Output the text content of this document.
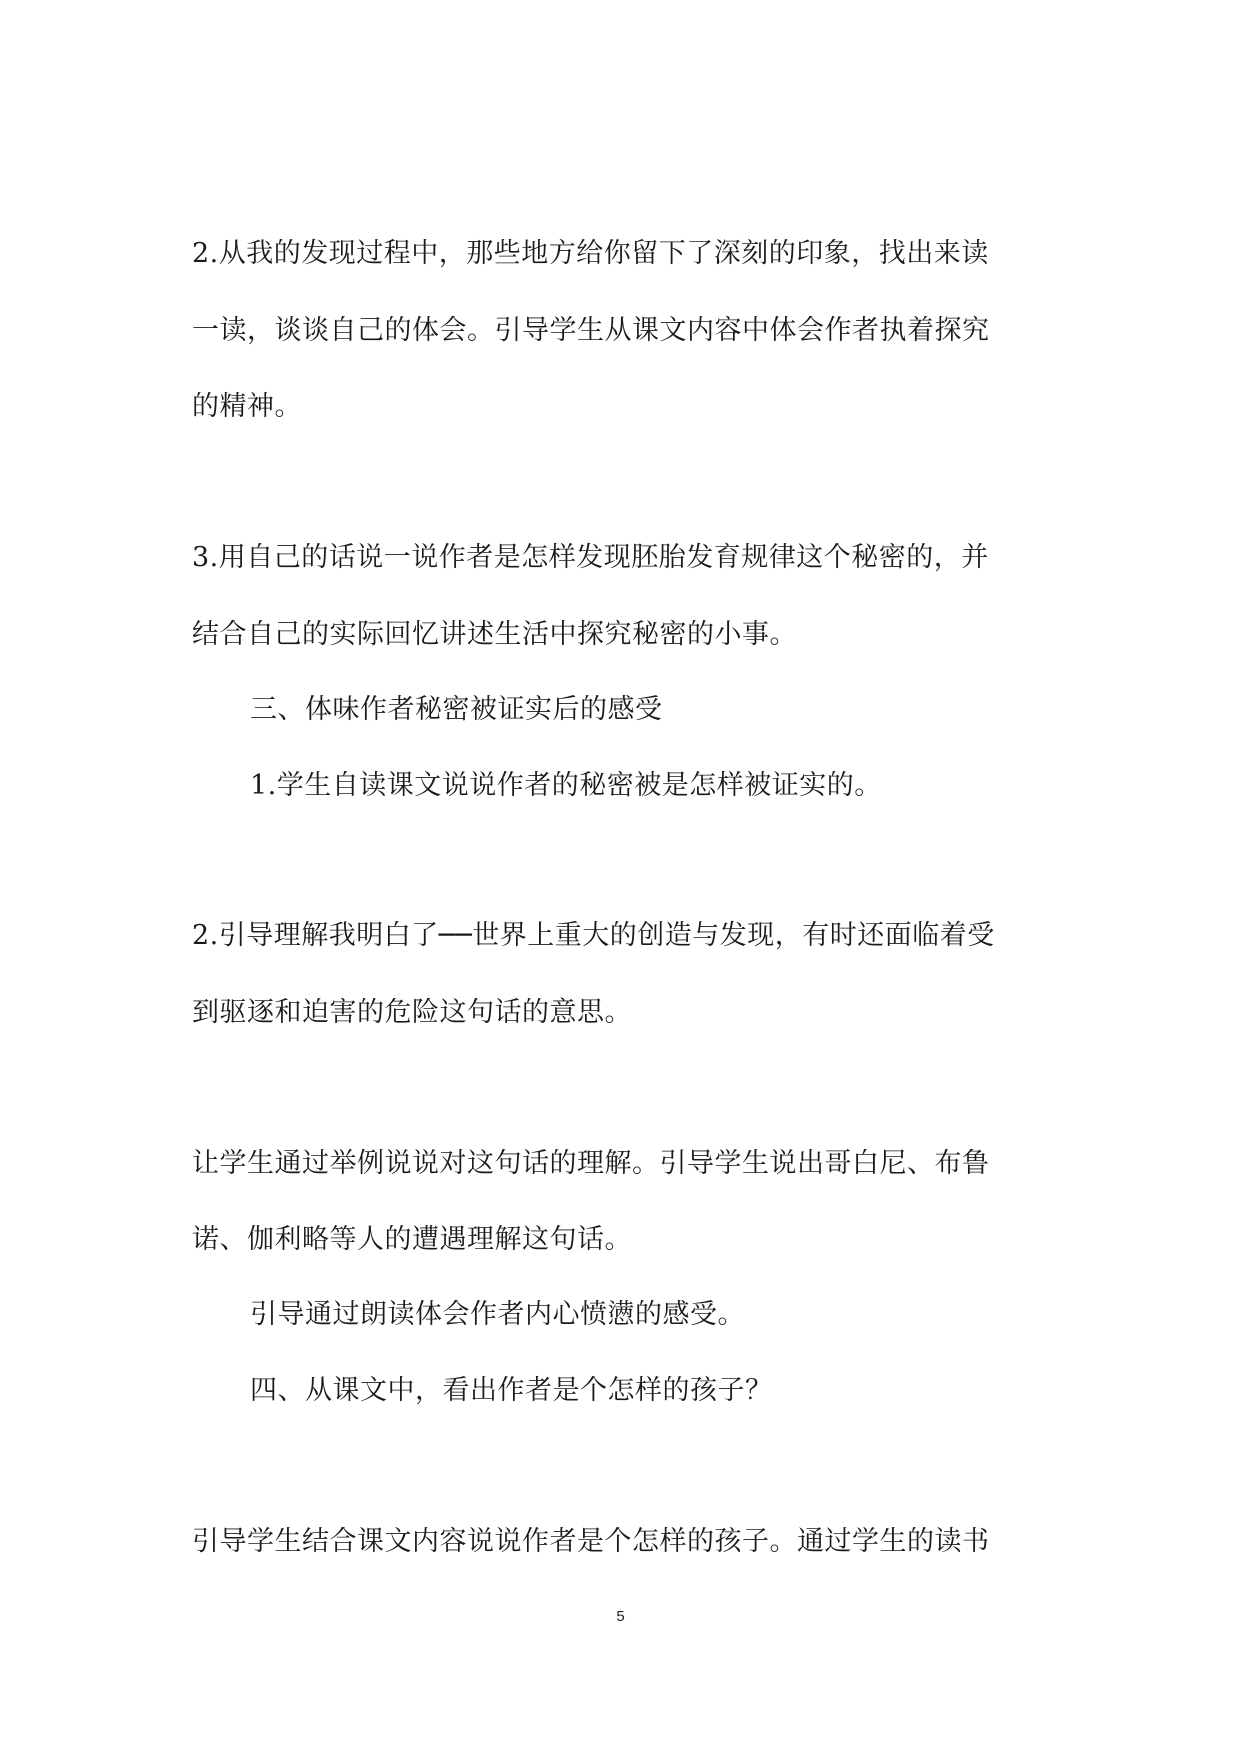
2.从我的发现过程中，那些地方给你留下了深刻的印象，找出来读
一读，谈谈自己的体会。引导学生从课文内容中体会作者执着探究
的精神。
3.用自己的话说一说作者是怎样发现胚胎发育规律这个秘密的，并
结合自己的实际回忆讲述生活中探究秘密的小事。
三、体味作者秘密被证实后的感受
1.学生自读课文说说作者的秘密被是怎样被证实的。
2.引导理解我明白了──世界上重大的创造与发现，有时还面临着受
到驱逐和迫害的危险这句话的意思。
让学生通过举例说说对这句话的理解。引导学生说出哥白尼、布鲁
诺、伽利略等人的遭遇理解这句话。
引导通过朗读体会作者内心愤懑的感受。
四、从课文中，看出作者是个怎样的孩子？
引导学生结合课文内容说说作者是个怎样的孩子。通过学生的读书
5
